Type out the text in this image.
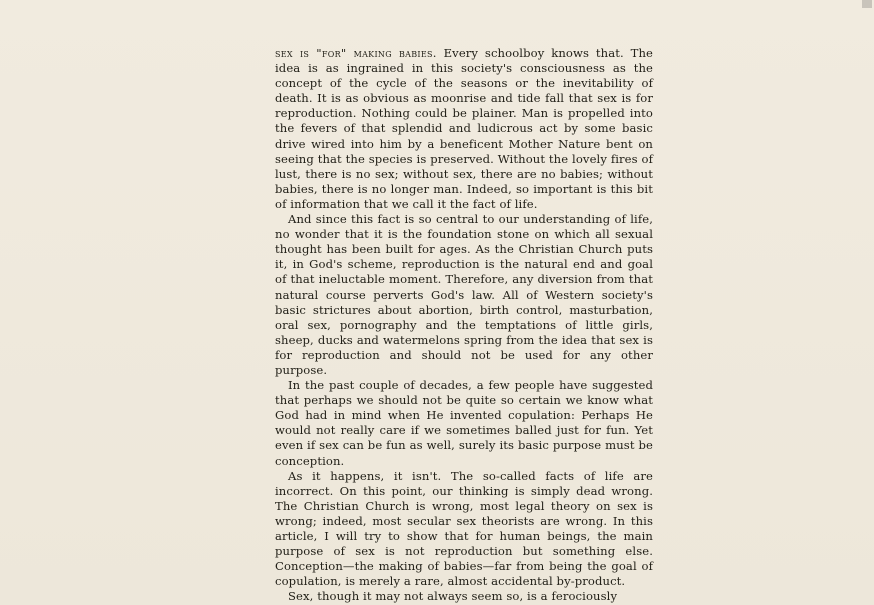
sex is "for" making babies. Every schoolboy knows that. The idea is as ingrained in this society's consciousness as the concept of the cycle of the seasons or the inevitability of death. It is as obvious as moonrise and tide fall that sex is for reproduction. Nothing could be plainer. Man is propelled into the fevers of that splendid and ludicrous act by some basic drive wired into him by a beneficent Mother Nature bent on seeing that the species is preserved. Without the lovely fires of lust, there is no sex; without sex, there are no babies; without babies, there is no longer man. Indeed, so important is this bit of information that we call it the fact of life.

And since this fact is so central to our understanding of life, no wonder that it is the foundation stone on which all sexual thought has been built for ages. As the Christian Church puts it, in God's scheme, reproduction is the natural end and goal of that ineluctable moment. Therefore, any diversion from that natural course perverts God's law. All of Western society's basic strictures about abortion, birth control, masturbation, oral sex, pornography and the temptations of little girls, sheep, ducks and watermelons spring from the idea that sex is for reproduction and should not be used for any other purpose.

In the past couple of decades, a few people have suggested that perhaps we should not be quite so certain we know what God had in mind when He invented copulation: Perhaps He would not really care if we sometimes balled just for fun. Yet even if sex can be fun as well, surely its basic purpose must be conception.

As it happens, it isn't. The so-called facts of life are incorrect. On this point, our thinking is simply dead wrong. The Christian Church is wrong, most legal theory on sex is wrong; indeed, most secular sex theorists are wrong. In this article, I will try to show that for human beings, the main purpose of sex is not reproduction but something else. Conception—the making of babies—far from being the goal of copulation, is merely a rare, almost accidental by-product.

Sex, though it may not always seem so, is a ferociously
